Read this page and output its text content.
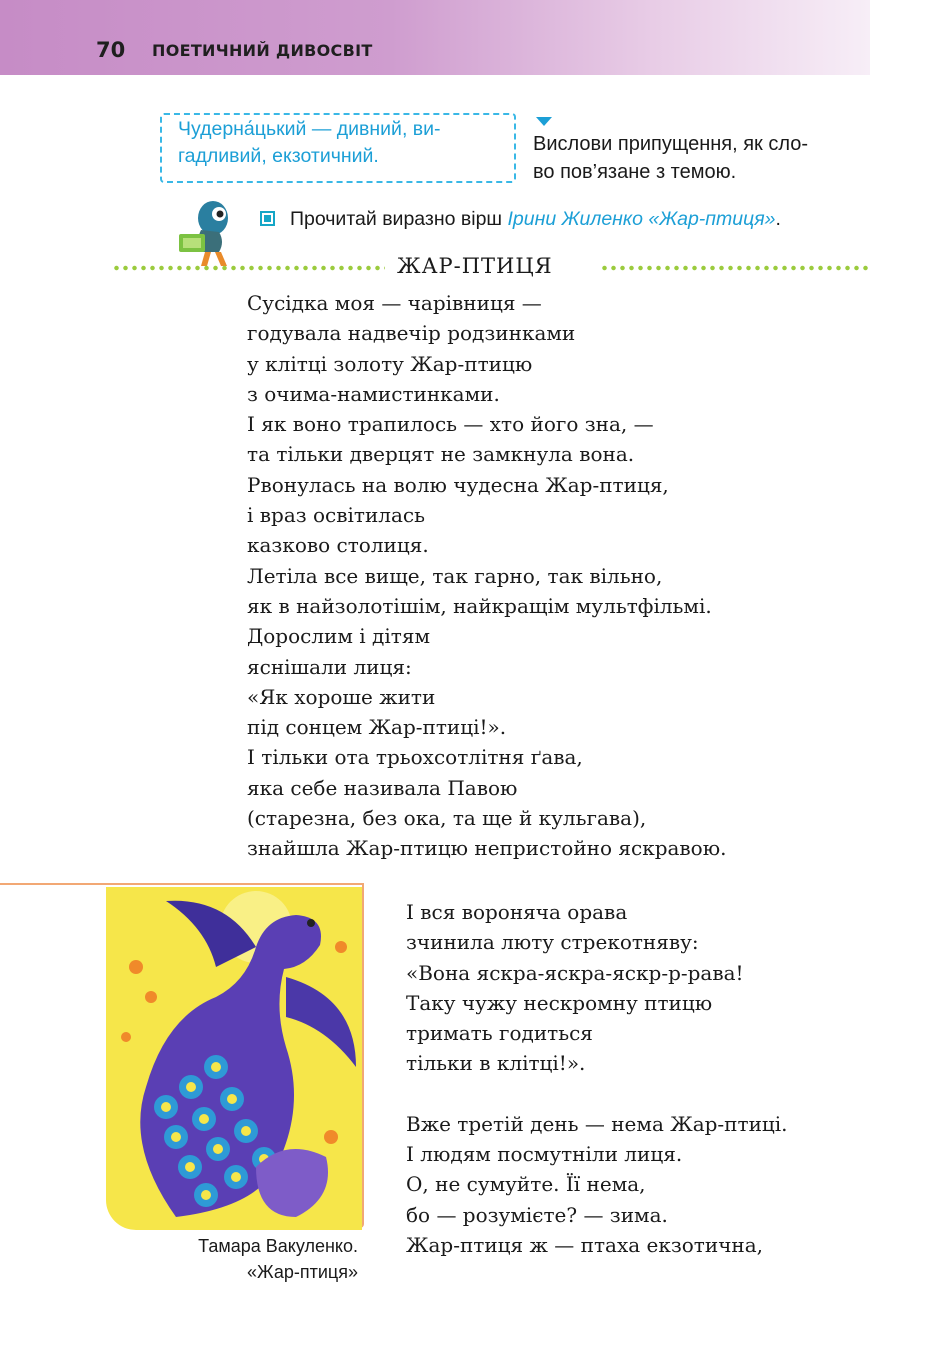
70 ПОЕТИЧНИЙ ДИВОСВІТ
Чудерна́цький — дивний, ви-
гадливий, екзотичний.
Вислови припущення, як сло-
во пов’язане з темою.
Прочитай виразно вірш Ірини Жиленко «Жар-птиця».
ЖАР-ПТИЦЯ
Сусідка моя — чарівниця —
годувала надвечір родзинками
у клітці золоту Жар-птицю
з очима-намистинками.
І як воно трапилось — хто його зна, —
та тільки дверцят не замкнула вона.
Рвонулась на волю чудесна Жар-птиця,
і враз освітилась
казково столиця.
Летіла все вище, так гарно, так вільно,
як в найзолотішім, найкращім мультфільмі.
Дорослим і дітям
яснішали лиця:
«Як хороше жити
під сонцем Жар-птиці!».
І тільки ота трьохсотлітня ґава,
яка себе називала Павою
(старезна, без ока, та ще й кульгава),
знайшла Жар-птицю непристойно яскравою.
Тамара Вакуленко.
«Жар-птиця»
І вся вороняча орава
зчинила люту стрекотняву:
«Вона яскра-яскра-яскр-р-рава!
Таку чужу нескромну птицю
тримать годиться
тільки в клітці!».
Вже третій день — нема Жар-птиці.
І людям посмутніли лиця.
О, не сумуйте. Її нема,
бо — розумієте? — зима.
Жар-птиця ж — птаха екзотична,
